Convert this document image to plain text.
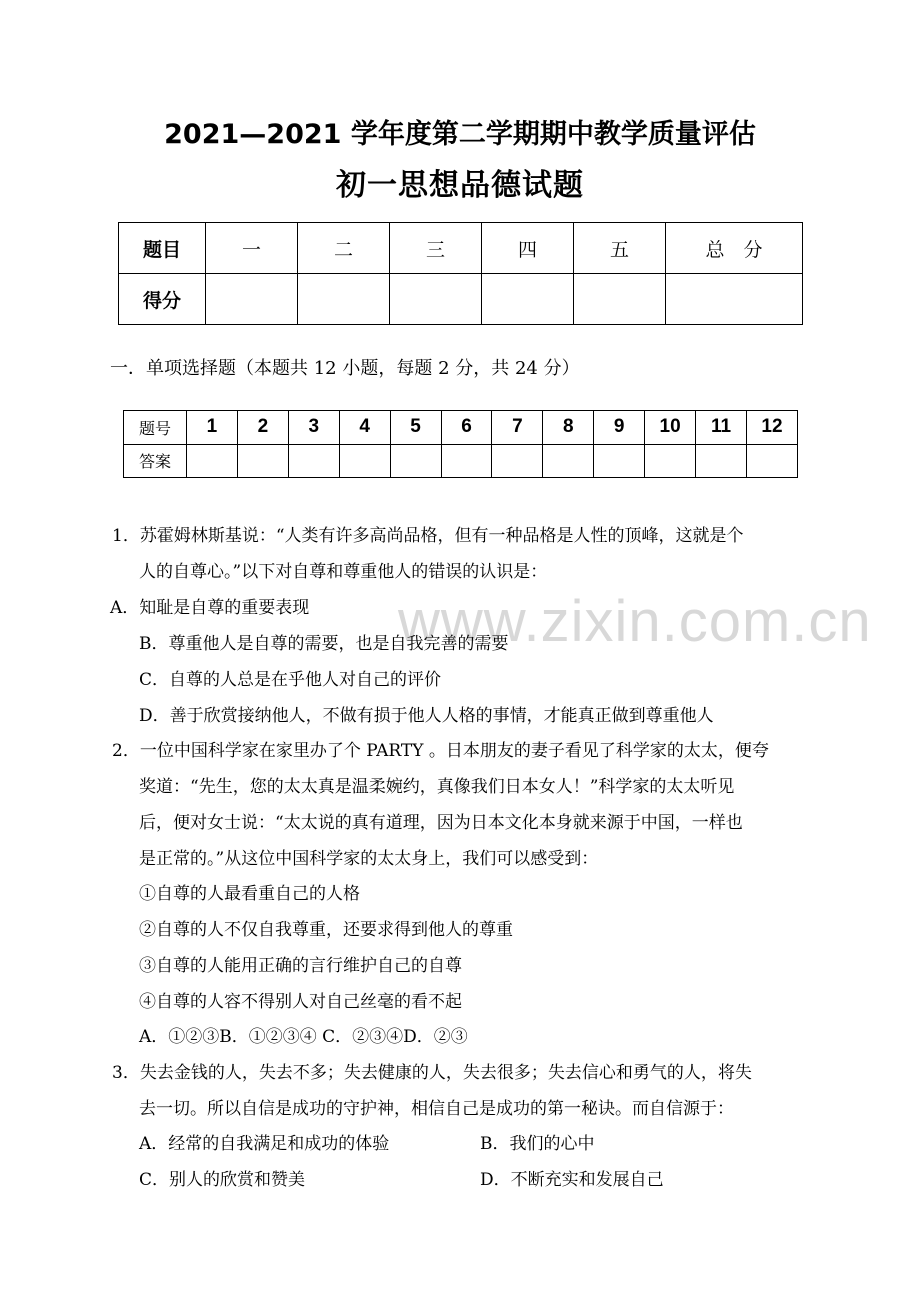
www.zixin.com.cn
2021—2021 学年度第二学期期中教学质量评估
初一思想品德试题
题目	一	二	三	四	五	总　分
得分						
一．单项选择题（本题共 12 小题，每题 2 分，共 24 分）
题号	1	2	3	4	5	6	7	8	9	10	11	12
答案												
1．苏霍姆林斯基说：“人类有许多高尚品格，但有一种品格是人性的顶峰，这就是个
人的自尊心。”以下对自尊和尊重他人的错误的认识是：
A．知耻是自尊的重要表现
B．尊重他人是自尊的需要，也是自我完善的需要
C．自尊的人总是在乎他人对自己的评价
D．善于欣赏接纳他人，不做有损于他人人格的事情，才能真正做到尊重他人
2．一位中国科学家在家里办了个 PARTY 。日本朋友的妻子看见了科学家的太太，便夸
奖道：“先生，您的太太真是温柔婉约，真像我们日本女人！”科学家的太太听见
后，便对女士说：“太太说的真有道理，因为日本文化本身就来源于中国，一样也
是正常的。”从这位中国科学家的太太身上，我们可以感受到：
①自尊的人最看重自己的人格
②自尊的人不仅自我尊重，还要求得到他人的尊重
③自尊的人能用正确的言行维护自己的自尊
④自尊的人容不得别人对自己丝毫的看不起
A．①②③B．①②③④ C．②③④D．②③
3．失去金钱的人，失去不多；失去健康的人，失去很多；失去信心和勇气的人，将失
去一切。所以自信是成功的守护神，相信自己是成功的第一秘诀。而自信源于：
A．经常的自我满足和成功的体验	B．我们的心中
C．别人的欣赏和赞美	D．不断充实和发展自己
